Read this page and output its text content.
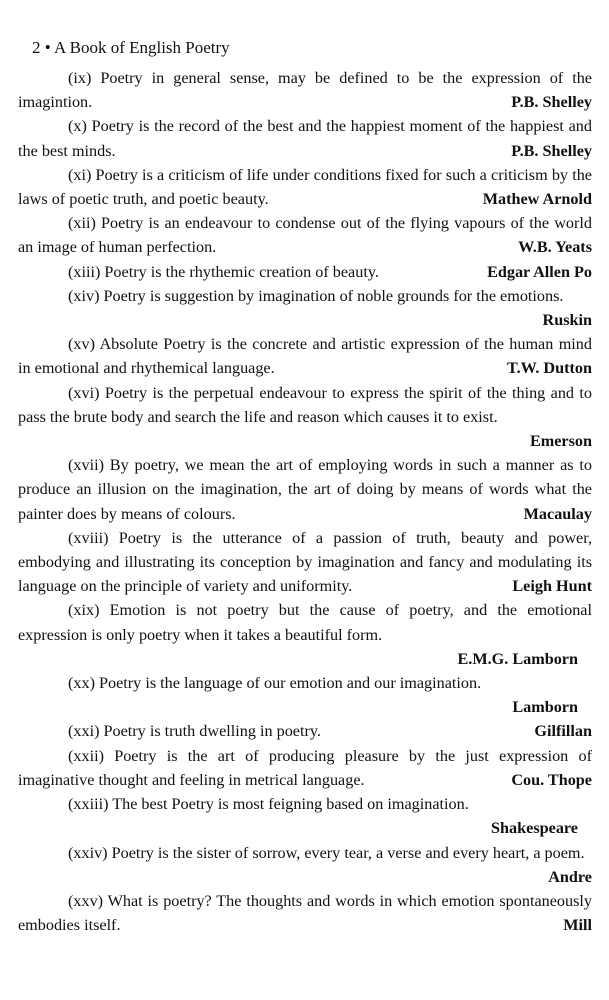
2 • A Book of English Poetry
(ix) Poetry in general sense, may be defined to be the expression of the imagintion.	P.B. Shelley
(x) Poetry is the record of the best and the happiest moment of the happiest and the best minds.	P.B. Shelley
(xi) Poetry is a criticism of life under conditions fixed for such a criticism by the laws of poetic truth, and poetic beauty.	Mathew Arnold
(xii) Poetry is an endeavour to condense out of the flying vapours of the world an image of human perfection.	W.B. Yeats
(xiii) Poetry is the rhythemic creation of beauty.	Edgar Allen Po
(xiv) Poetry is suggestion by imagination of noble grounds for the emotions.
Ruskin
(xv) Absolute Poetry is the concrete and artistic expression of the human mind in emotional and rhythemical language.	T.W. Dutton
(xvi) Poetry is the perpetual endeavour to express the spirit of the thing and to pass the brute body and search the life and reason which causes it to exist.
Emerson
(xvii) By poetry, we mean the art of employing words in such a manner as to produce an illusion on the imagination, the art of doing by means of words what the painter does by means of colours.	Macaulay
(xviii) Poetry is the utterance of a passion of truth, beauty and power, embodying and illustrating its conception by imagination and fancy and modulating its language on the principle of variety and uniformity.	Leigh Hunt
(xix) Emotion is not poetry but the cause of poetry, and the emotional expression is only poetry when it takes a beautiful form.
E.M.G. Lamborn
(xx) Poetry is the language of our emotion and our imagination.
Lamborn
(xxi) Poetry is truth dwelling in poetry.	Gilfillan
(xxii) Poetry is the art of producing pleasure by the just expression of imaginative thought and feeling in metrical language.	Cou. Thope
(xxiii) The best Poetry is most feigning based on imagination.
Shakespeare
(xxiv) Poetry is the sister of sorrow, every tear, a verse and every heart, a poem.
Andre
(xxv) What is poetry? The thoughts and words in which emotion spontaneously embodies itself.	Mill
